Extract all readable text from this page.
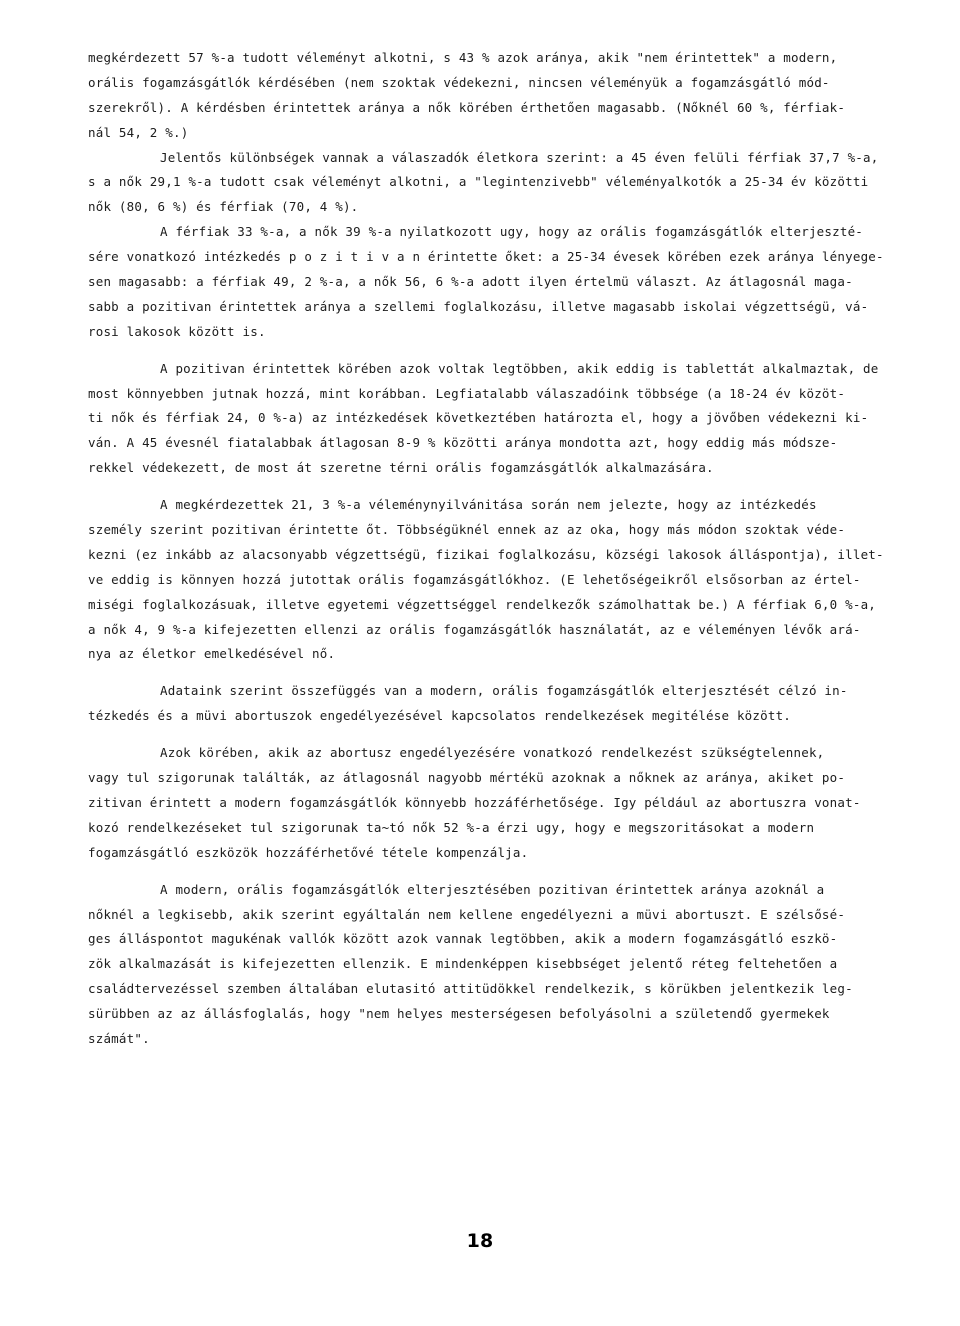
megkérdezett 57 %-a tudott véleményt alkotni, s 43 % azok aránya, akik "nem érintettek" a modern,
orális fogamzásgátlók kérdésében (nem szoktak védekezni, nincsen véleményük a fogamzásgátló mód-
szerekről). A kérdésben érintettek aránya a nők körében érthetően magasabb. (Nőknél 60 %, férfiak-
nál 54, 2 %.)
Jelentős különbségek vannak a válaszadók életkora szerint: a 45 éven felüli férfiak 37,7 %-a,
s a nők 29,1 %-a tudott csak véleményt alkotni, a "legintenzivebb" véleményalkotók a 25-34 év közötti
nők (80, 6 %) és férfiak (70, 4 %).
A férfiak 33 %-a, a nők 39 %-a nyilatkozott ugy, hogy az orális fogamzásgátlók elterjeszté-
sére vonatkozó intézkedés p o z i t i v a n érintette őket: a 25-34 évesek körében ezek aránya lényege-
sen magasabb: a férfiak 49, 2 %-a, a nők 56, 6 %-a adott ilyen értelmü választ. Az átlagosnál maga-
sabb a pozitivan érintettek aránya a szellemi foglalkozásu, illetve magasabb iskolai végzettségü, vá-
rosi lakosok között is.
A pozitivan érintettek körében azok voltak legtöbben, akik eddig is tablettát alkalmaztak, de
most könnyebben jutnak hozzá, mint korábban. Legfiatalabb válaszadóink többsége (a 18-24 év közöt-
ti nők és férfiak 24, 0 %-a) az intézkedések következtében határozta el, hogy a jövőben védekezni ki-
ván. A 45 évesnél fiatalabbak átlagosan 8-9 % közötti aránya mondotta azt, hogy eddig más módsze-
rekkel védekezett, de most át szeretne térni orális fogamzásgátlók alkalmazására.
A megkérdezettek 21, 3 %-a véleménynyilvánitása során nem jelezte, hogy az intézkedés
személy szerint pozitivan érintette őt. Többségüknél ennek az az oka, hogy más módon szoktak véde-
kezni (ez inkább az alacsonyabb végzettségü, fizikai foglalkozásu, községi lakosok álláspontja), illet-
ve eddig is könnyen hozzá jutottak orális fogamzásgátlókhoz. (E lehetőségeikről elsősorban az értel-
miségi foglalkozásuak, illetve egyetemi végzettséggel rendelkezők számolhattak be.) A férfiak 6,0 %-a,
a nők 4, 9 %-a kifejezetten ellenzi az orális fogamzásgátlók használatát, az e véleményen lévők ará-
nya az életkor emelkedésével nő.
Adataink szerint összefüggés van a modern, orális fogamzásgátlók elterjesztését célzó in-
tézkedés és a müvi abortuszok engedélyezésével kapcsolatos rendelkezések megitélése között.
Azok körében, akik az abortusz engedélyezésére vonatkozó rendelkezést szükségtelennek,
vagy tul szigorunak találták, az átlagosnál nagyobb mértékü azoknak a nőknek az aránya, akiket po-
zitivan érintett a modern fogamzásgátlók könnyebb hozzáférhetősége. Igy például az abortuszra vonat-
kozó rendelkezéseket tul szigorunak ta~tó nők 52 %-a érzi ugy, hogy e megszoritásokat a modern
fogamzásgátló eszközök hozzáférhetővé tétele kompenzálja.
A modern, orális fogamzásgátlók elterjesztésében pozitivan érintettek aránya azoknál a
nőknél a legkisebb, akik szerint egyáltalán nem kellene engedélyezni a müvi abortuszt. E szélsősé-
ges álláspontot magukénak vallók között azok vannak legtöbben, akik a modern fogamzásgátló eszkö-
zök alkalmazását is kifejezetten ellenzik. E mindenképpen kisebbséget jelentő réteg feltehetően a
családtervezéssel szemben általában elutasitó attitüdökkel rendelkezik, s körükben jelentkezik leg-
sürübben az az állásfoglalás, hogy "nem helyes mesterségesen befolyásolni a születendő gyermekek
számát".
18
